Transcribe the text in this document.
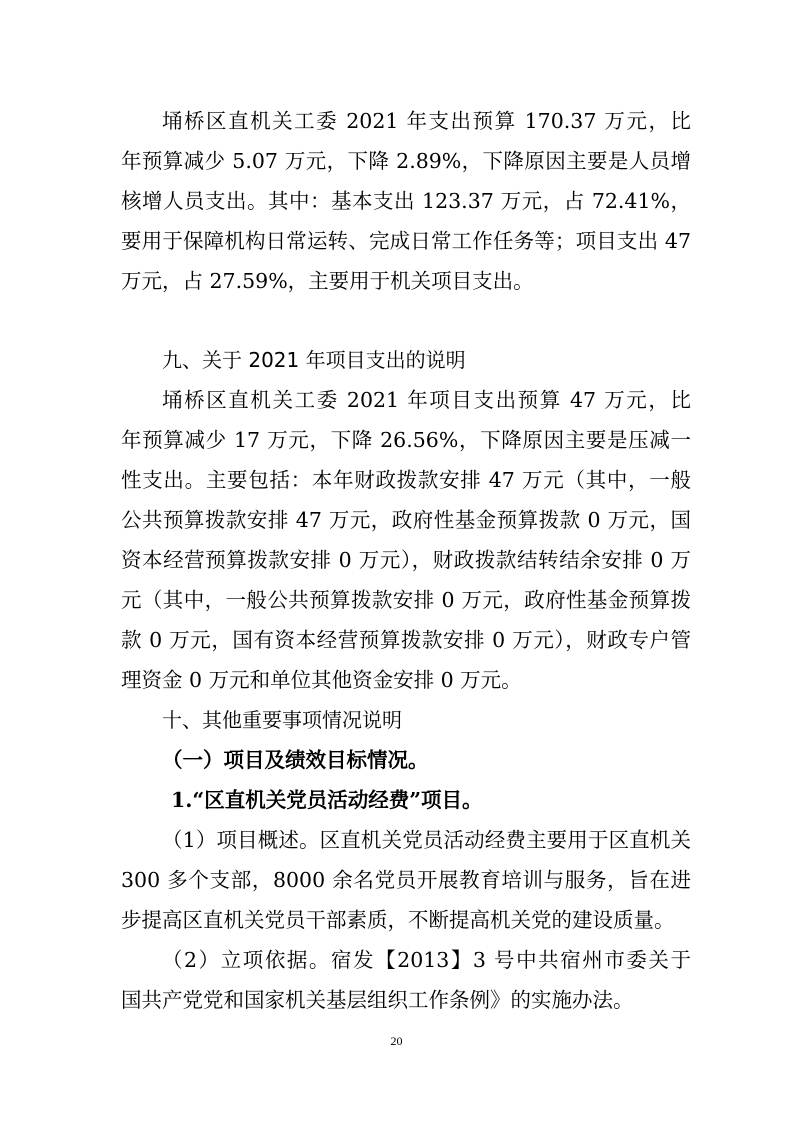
埇桥区直机关工委 2021 年支出预算 170.37 万元，比
年预算减少 5.07 万元，下降 2.89%，下降原因主要是人员增
核增人员支出。其中：基本支出 123.37 万元，占 72.41%，
要用于保障机构日常运转、完成日常工作任务等；项目支出 47
万元，占 27.59%，主要用于机关项目支出。
九、关于 2021 年项目支出的说明
埇桥区直机关工委 2021 年项目支出预算 47 万元，比
年预算减少 17 万元，下降 26.56%，下降原因主要是压减一
性支出。主要包括：本年财政拨款安排 47 万元（其中，一般
公共预算拨款安排 47 万元，政府性基金预算拨款 0 万元，国
资本经营预算拨款安排 0 万元），财政拨款结转结余安排 0 万
元（其中，一般公共预算拨款安排 0 万元，政府性基金预算拨
款 0 万元，国有资本经营预算拨款安排 0 万元），财政专户管
理资金 0 万元和单位其他资金安排 0 万元。
十、其他重要事项情况说明
（一）项目及绩效目标情况。
1.“区直机关党员活动经费”项目。
（1）项目概述。区直机关党员活动经费主要用于区直机关
300 多个支部，8000 余名党员开展教育培训与服务，旨在进
步提高区直机关党员干部素质，不断提高机关党的建设质量。
（2）立项依据。宿发【2013】3 号中共宿州市委关于
国共产党党和国家机关基层组织工作条例》的实施办法。
20
